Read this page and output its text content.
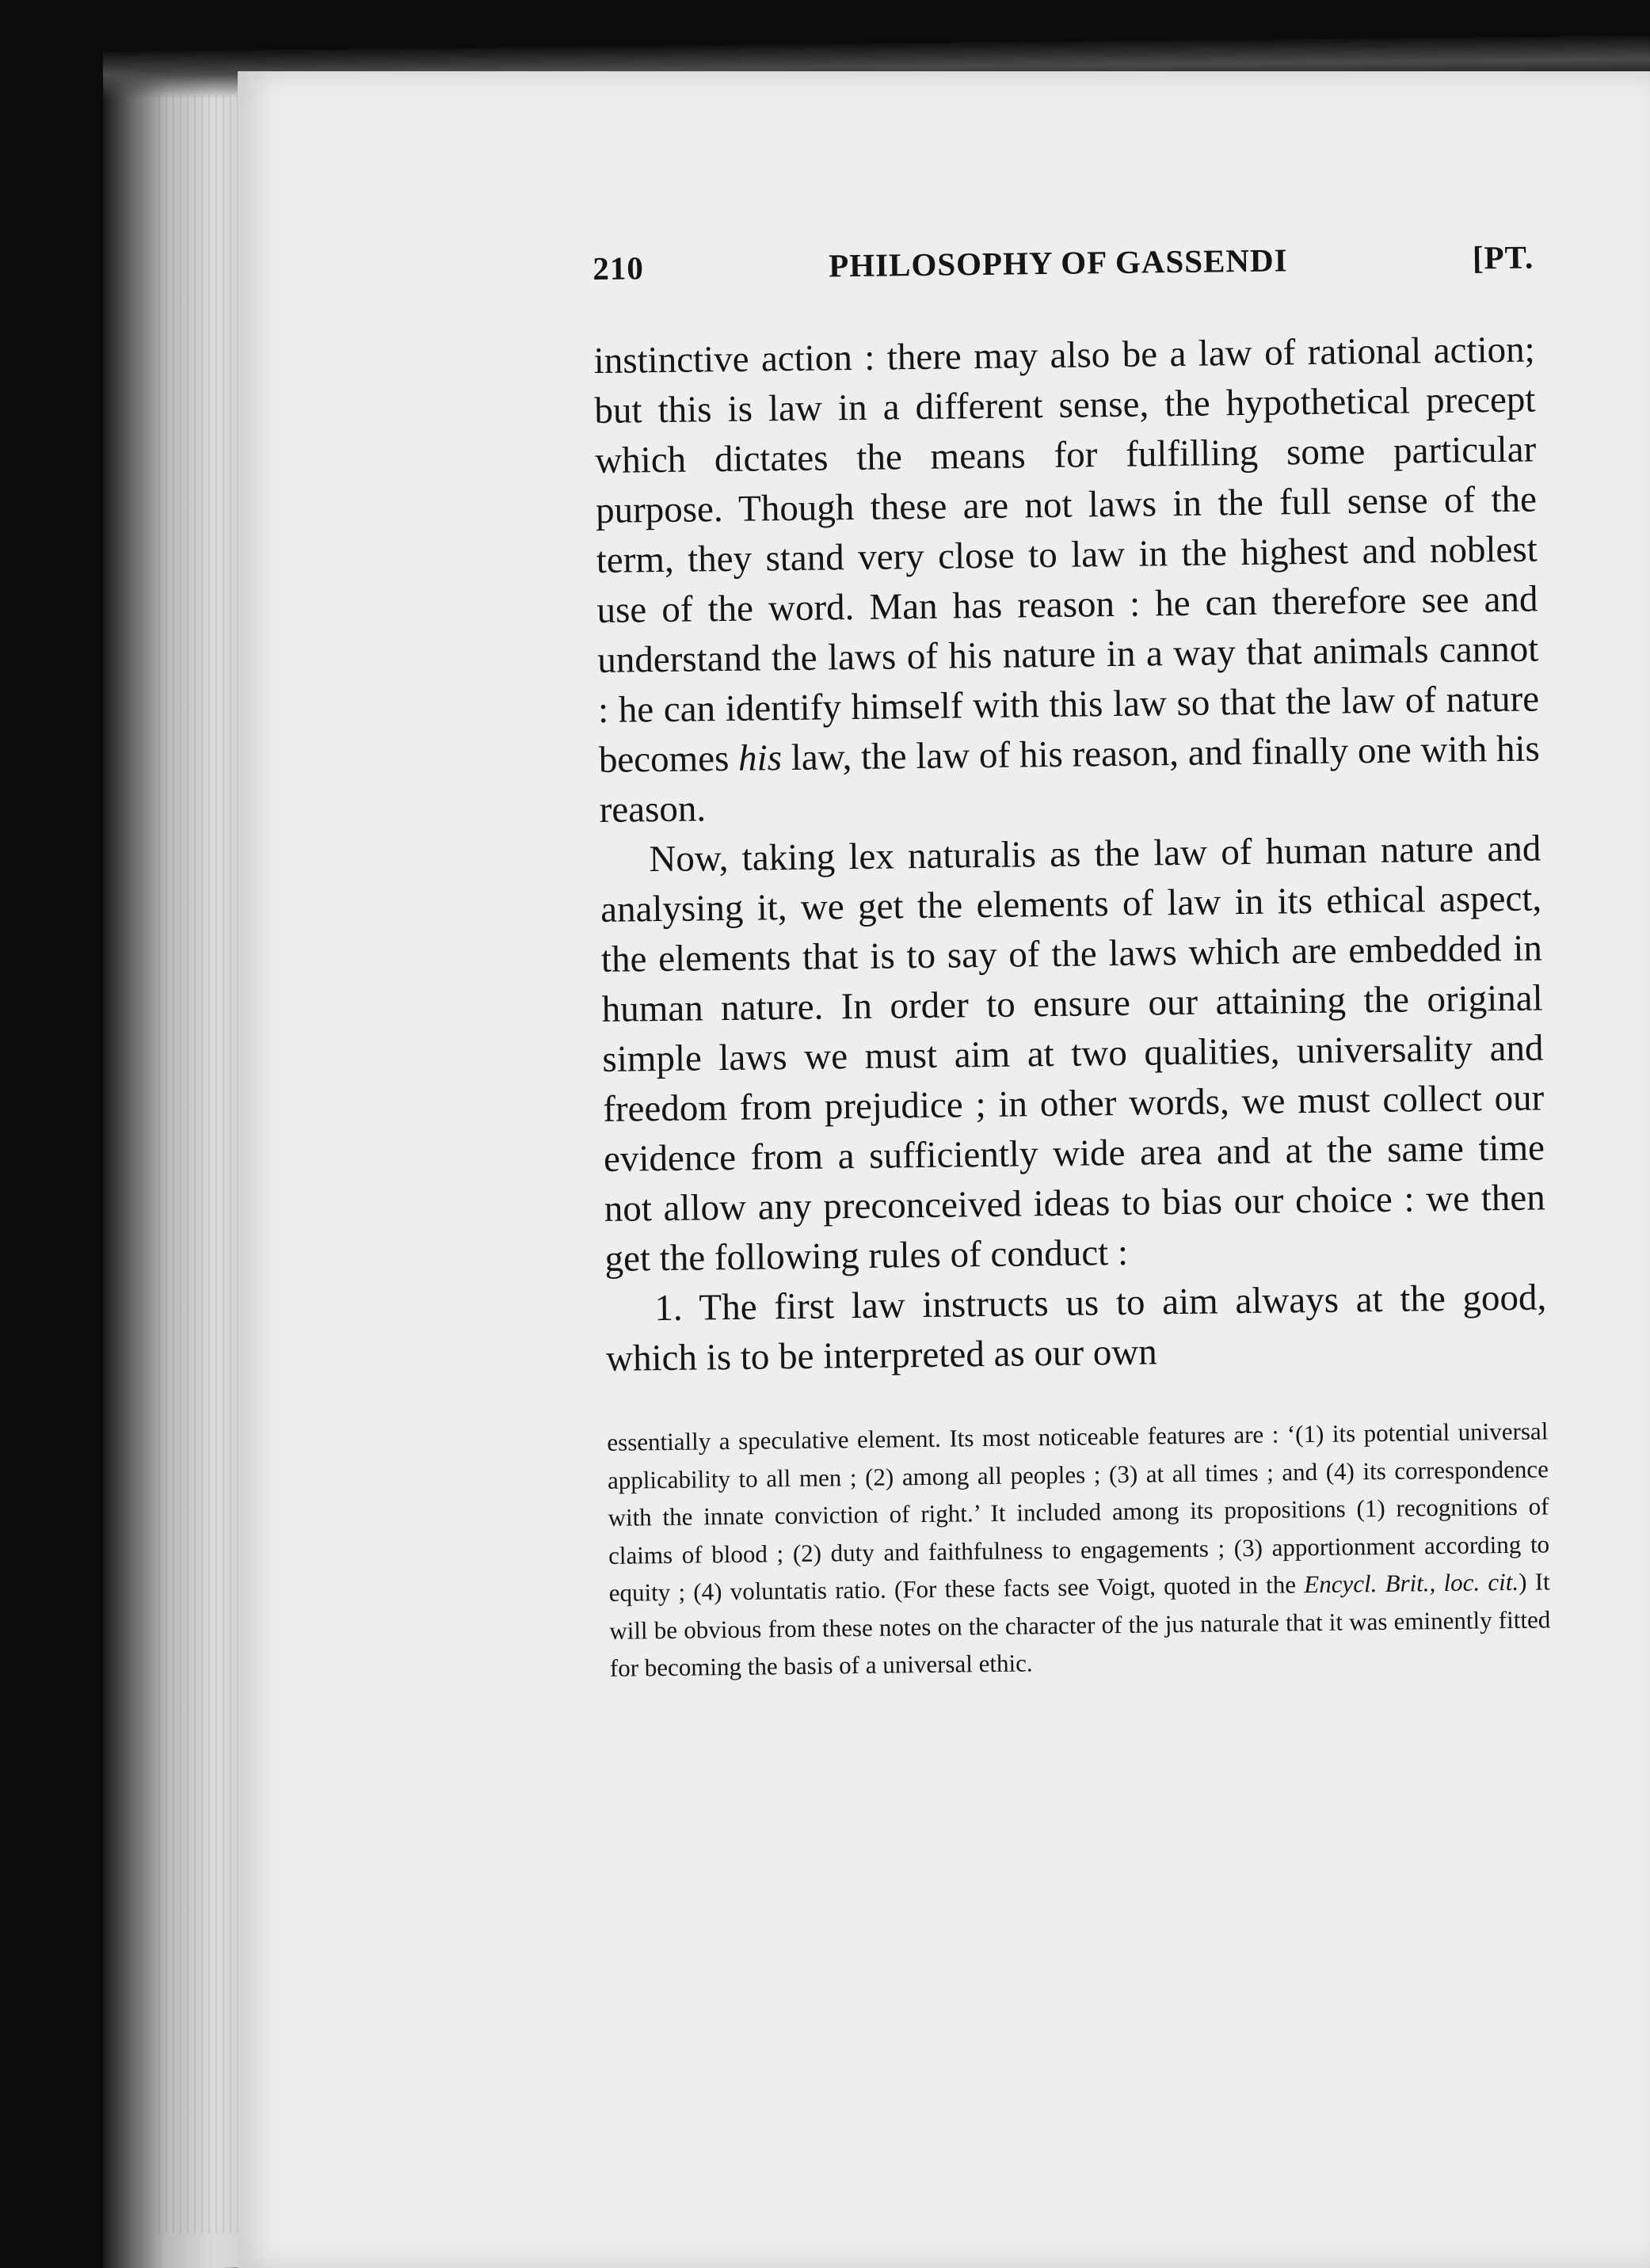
210	PHILOSOPHY OF GASSENDI	[PT.

instinctive action : there may also be a law of rational action; but this is law in a different sense, the hypothetical precept which dictates the means for fulfilling some particular purpose. Though these are not laws in the full sense of the term, they stand very close to law in the highest and noblest use of the word. Man has reason : he can therefore see and understand the laws of his nature in a way that animals cannot : he can identify himself with this law so that the law of nature becomes his law, the law of his reason, and finally one with his reason.

Now, taking lex naturalis as the law of human nature and analysing it, we get the elements of law in its ethical aspect, the elements that is to say of the laws which are embedded in human nature. In order to ensure our attaining the original simple laws we must aim at two qualities, universality and freedom from prejudice ; in other words, we must collect our evidence from a sufficiently wide area and at the same time not allow any preconceived ideas to bias our choice : we then get the following rules of conduct :

1. The first law instructs us to aim always at the good, which is to be interpreted as our own

essentially a speculative element. Its most noticeable features are : ‘(1) its potential universal applicability to all men ; (2) among all peoples ; (3) at all times ; and (4) its correspondence with the innate conviction of right.’ It included among its propositions (1) recognitions of claims of blood ; (2) duty and faithfulness to engagements ; (3) apportionment according to equity ; (4) voluntatis ratio. (For these facts see Voigt, quoted in the Encycl. Brit., loc. cit.) It will be obvious from these notes on the character of the jus naturale that it was eminently fitted for becoming the basis of a universal ethic.
